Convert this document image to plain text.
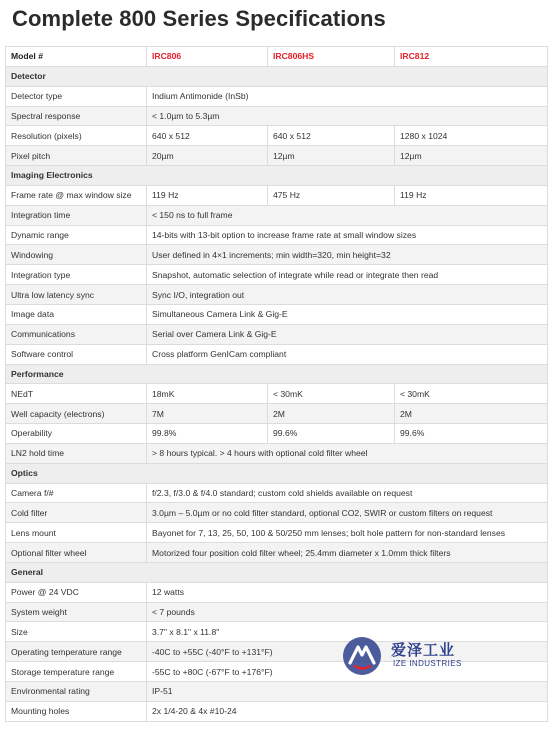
Complete 800 Series Specifications
Model #	IRC806	IRC806HS	IRC812
Detector			
Detector type	Indium Antimonide (InSb)		
Spectral response	< 1.0µm to 5.3µm		
Resolution (pixels)	640 x 512	640 x 512	1280 x 1024
Pixel pitch	20µm	12µm	12µm
Imaging Electronics			
Frame rate @ max window size	119 Hz	475 Hz	119 Hz
Integration time	< 150 ns to full frame		
Dynamic range	14-bits with 13-bit option to increase frame rate at small window sizes		
Windowing	User defined in 4×1 increments; min width=320, min height=32		
Integration type	Snapshot, automatic selection of integrate while read or integrate then read		
Ultra low latency sync	Sync I/O, integration out		
Image data	Simultaneous Camera Link & Gig-E		
Communications	Serial over Camera Link & Gig-E		
Software control	Cross platform GenICam compliant		
Performance			
NEdT	18mK	< 30mK	< 30mK
Well capacity (electrons)	7M	2M	2M
Operability	99.8%	99.6%	99.6%
LN2 hold time	> 8 hours typical. > 4 hours with optional cold filter wheel		
Optics			
Camera f/#	f/2.3, f/3.0 & f/4.0 standard; custom cold shields available on request		
Cold filter	3.0µm – 5.0µm or no cold filter standard, optional CO2, SWIR or custom filters on request		
Lens mount	Bayonet for 7, 13, 25, 50, 100 & 50/250 mm lenses; bolt hole pattern for non-standard lenses		
Optional filter wheel	Motorized four position cold filter wheel; 25.4mm diameter x 1.0mm thick filters		
General			
Power @ 24 VDC	12 watts		
System weight	< 7 pounds		
Size	3.7" x 8.1" x 11.8"		
Operating temperature range	-40C to +55C (-40°F to +131°F)		
Storage temperature range	-55C to +80C (-67°F to +176°F)		
Environmental rating	IP-51		
Mounting holes	2x 1/4-20 & 4x #10-24		
爱泽工业
IZE INDUSTRIES
